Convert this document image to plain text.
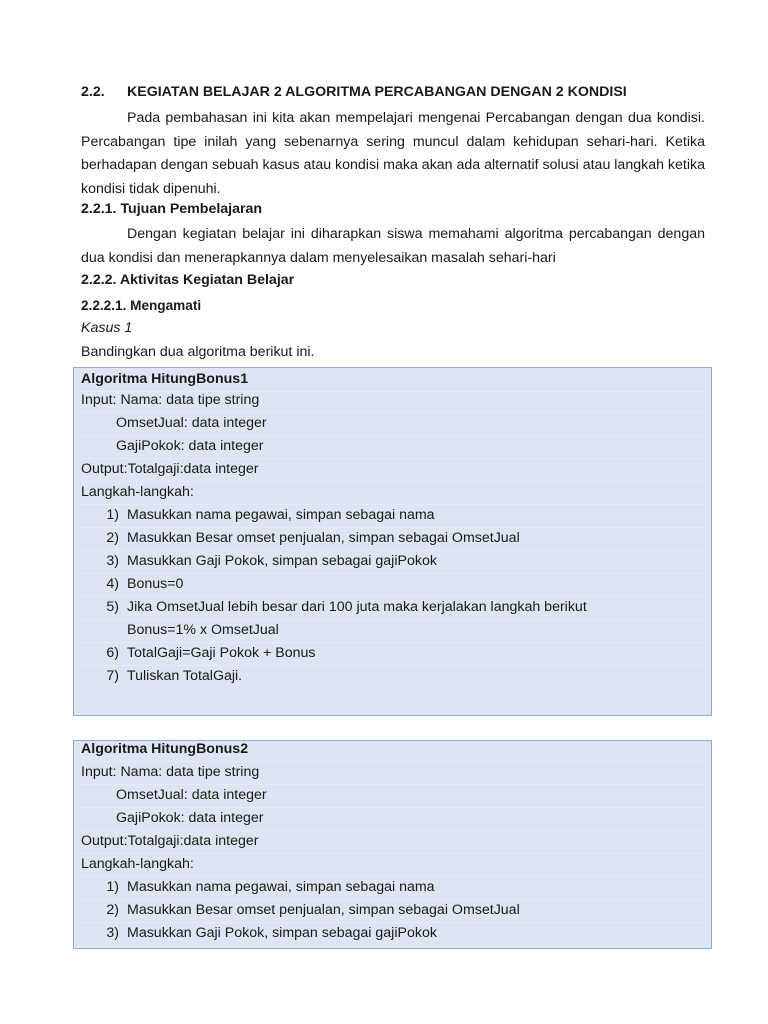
2.2. KEGIATAN BELAJAR 2 ALGORITMA PERCABANGAN DENGAN 2 KONDISI

Pada pembahasan ini kita akan mempelajari mengenai Percabangan dengan dua kondisi. Percabangan tipe inilah yang sebenarnya sering muncul dalam kehidupan sehari-hari. Ketika berhadapan dengan sebuah kasus atau kondisi maka akan ada alternatif solusi atau langkah ketika kondisi tidak dipenuhi.

2.2.1. Tujuan Pembelajaran

Dengan kegiatan belajar ini diharapkan siswa memahami algoritma percabangan dengan dua kondisi dan menerapkannya dalam menyelesaikan masalah sehari-hari

2.2.2. Aktivitas Kegiatan Belajar
2.2.2.1. Mengamati
Kasus 1
Bandingkan dua algoritma berikut ini.
Algoritma HitungBonus1
Input: Nama: data tipe string
OmsetJual: data integer
GajiPokok: data integer
Output:Totalgaji:data integer
Langkah-langkah:
1) Masukkan nama pegawai, simpan sebagai nama
2) Masukkan Besar omset penjualan, simpan sebagai OmsetJual
3) Masukkan Gaji Pokok, simpan sebagai gajiPokok
4) Bonus=0
5) Jika OmsetJual lebih besar dari 100 juta maka kerjalakan langkah berikut
Bonus=1% x OmsetJual
6) TotalGaji=Gaji Pokok + Bonus
7) Tuliskan TotalGaji.
Algoritma HitungBonus2
Input: Nama: data tipe string
OmsetJual: data integer
GajiPokok: data integer
Output:Totalgaji:data integer
Langkah-langkah:
1) Masukkan nama pegawai, simpan sebagai nama
2) Masukkan Besar omset penjualan, simpan sebagai OmsetJual
3) Masukkan Gaji Pokok, simpan sebagai gajiPokok
